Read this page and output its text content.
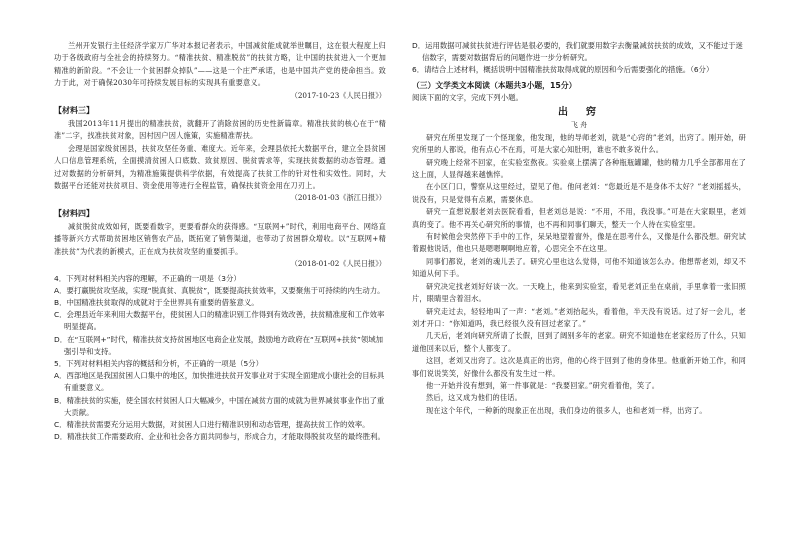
兰州开发银行主任经济学家万广华对本报记者表示，中国减贫能成就举世瞩目，这在很大程度上归功于各级政府与全社会的持续努力。“精准扶贫、精准脱贫”的扶贫方略，让中国的扶贫进入一个更加精准的新阶段。“不会让一个贫困群众掉队”——这是一个庄严承诺，也是中国共产党的使命担当。致力于此，对于确保2030年可持续发展目标的实现具有重要意义。

（2017-10-23《人民日报》）

【材料三】

我国2013年11月提出的精准扶贫，就翻开了消除贫困的历史性新篇章。精准扶贫的核心在于“精准”二字，找准扶贫对象，因村因户因人施策，实施精准帮扶。

会理是国家级贫困县，扶贫攻坚任务重、难度大。近年来，会理县依托大数据平台，建立全县贫困人口信息管理系统，全面摸清贫困人口底数、致贫原因、脱贫需求等，实现扶贫数据的动态管理。通过对数据的分析研判，为精准施策提供科学依据，有效提高了扶贫工作的针对性和实效性。同时，大数据平台还能对扶贫项目、资金使用等进行全程监管，确保扶贫资金用在刀刃上。

（2018-01-03《浙江日报》）

【材料四】

减贫脱贫成效如何，既要看数字，更要看群众的获得感。“互联网+”时代，利用电商平台、网络直播等新兴方式帮助贫困地区销售农产品，既拓宽了销售渠道，也带动了贫困群众增收。以“互联网+精准扶贫”为代表的新模式，正在成为扶贫攻坚的重要抓手。

（2018-01-02《人民日报》）

4．下列对材料相关内容的理解，不正确的一项是（3分）

A．要打赢脱贫攻坚战，实现“脱真贫、真脱贫”，既要提高扶贫效率，又要聚焦于可持续的内生动力。

B．中国精准扶贫取得的成就对于全世界具有重要的借鉴意义。

C．会理县近年来利用大数据平台，使贫困人口的精准识别工作得到有效改善，扶贫精准度和工作效率明显提高。

D．在“互联网+”时代，精准扶贫支持贫困地区电商企业发展，鼓励地方政府在“互联网+扶贫”领域加强引导和支持。

5．下列对材料相关内容的概括和分析，不正确的一项是（5分）

A．西部地区是我国贫困人口集中的地区，加快推进扶贫开发事业对于实现全面建成小康社会的目标具有重要意义。

B．精准扶贫的实施，使全国农村贫困人口大幅减少，中国在减贫方面的成就为世界减贫事业作出了重大贡献。

C．精准扶贫需要充分运用大数据，对贫困人口进行精准识别和动态管理，提高扶贫工作的效率。

D．精准扶贫工作需要政府、企业和社会各方面共同参与，形成合力，才能取得脱贫攻坚的最终胜利。

D．运用数据可减贫扶贫进行评估是很必要的，我们就要用数字去衡量减贫扶贫的成效，又不能过于迷信数字，需要对数据背后的问题作进一步分析研究。

6．请结合上述材料，概括说明中国精准扶贫取得成就的原因和今后需要强化的措施。（6分）

（三）文学类文本阅读（本题共3小题，15分）

阅读下面的文字，完成下列小题。

出　窍

飞 舟

研究在所里发现了一个怪现象，他发现，他的导师老刘，就是“心窍的”老刘，出窍了。刚开始，研究所里的人都说，他有点心不在焉，可是大家心知肚明，谁也不敢多说什么。

研究晚上经常不回家，在实验室熬夜。实验桌上摆满了各种瓶瓶罐罐，他的精力几乎全部都用在了这上面，人显得越来越憔悴。

在小区门口，警察从这里经过，望见了他。他问老刘：“您最近是不是身体不太好？”老刘摇摇头，说没有，只是觉得有点累，需要休息。

研究一直想说服老刘去医院看看，但老刘总是说：“不用，不用，我没事。”可是在大家眼里，老刘真的变了。他不再关心研究所的事情，也不再和同事们聊天，整天一个人待在实验室里。

有时候他会突然停下手中的工作，呆呆地望着窗外，像是在思考什么，又像是什么都没想。研究试着跟他说话，他也只是嗯嗯啊啊地应着，心思完全不在这里。

同事们都说，老刘的魂儿丢了。研究心里也这么觉得，可他不知道该怎么办。他想帮老刘，却又不知道从何下手。

研究决定找老刘好好谈一次。一天晚上，他来到实验室，看见老刘正坐在桌前，手里拿着一张旧照片，眼睛里含着泪水。

研究走过去，轻轻地叫了一声：“老刘。”老刘抬起头，看着他，半天没有说话。过了好一会儿，老刘才开口：“你知道吗，我已经很久没有回过老家了。”

几天后，老刘向研究所请了长假，回到了阔别多年的老家。研究不知道他在老家经历了什么，只知道他回来以后，整个人都变了。

这回，老刘又出窍了。这次是真正的出窍，他的心终于回到了他的身体里。他重新开始工作，和同事们说说笑笑，好像什么都没有发生过一样。

他一开始并没有想到，第一件事就是：“我要回家。”研究看着他，笑了。

然后，这又成为他们的佳话。

现在这个年代，一种新的现象正在出现，我们身边的很多人，也和老刘一样，出窍了。
